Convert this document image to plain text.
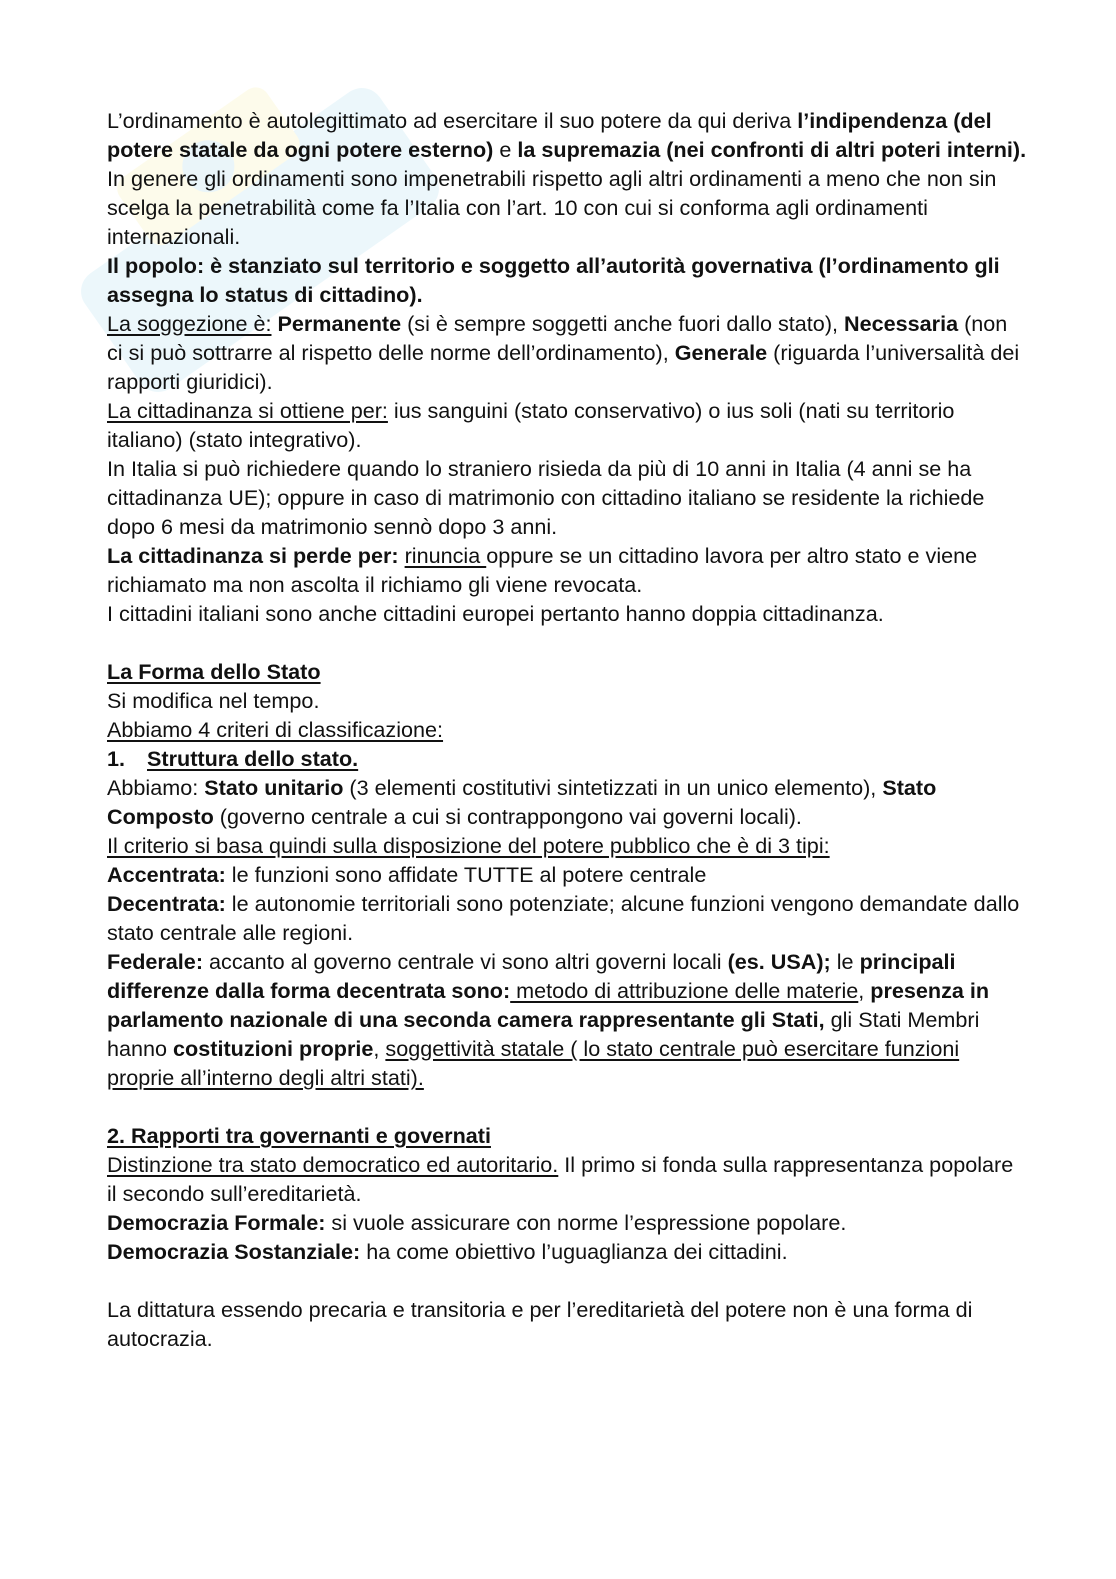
L’ordinamento è autolegittimato ad esercitare il suo potere da qui deriva l’indipendenza (del potere statale da ogni potere esterno) e la supremazia (nei confronti di altri poteri interni).

In genere gli ordinamenti sono impenetrabili rispetto agli altri ordinamenti a meno che non sin scelga la penetrabilità come fa l’Italia con l’art. 10 con cui si conforma agli ordinamenti internazionali.

Il popolo: è stanziato sul territorio e soggetto all’autorità governativa (l’ordinamento gli assegna lo status di cittadino).

La soggezione è: Permanente (si è sempre soggetti anche fuori dallo stato), Necessaria (non ci si può sottrarre al rispetto delle norme dell’ordinamento), Generale (riguarda l’universalità dei rapporti giuridici).

La cittadinanza si ottiene per: ius sanguini (stato conservativo) o ius soli (nati su territorio italiano) (stato integrativo).

In Italia si può richiedere quando lo straniero risieda da più di 10 anni in Italia (4 anni se ha cittadinanza UE); oppure in caso di matrimonio con cittadino italiano se residente la richiede dopo 6 mesi da matrimonio sennò dopo 3 anni.

La cittadinanza si perde per: rinuncia oppure se un cittadino lavora per altro stato e viene richiamato ma non ascolta il richiamo gli viene revocata.

I cittadini italiani sono anche cittadini europei pertanto hanno doppia cittadinanza.

La Forma dello Stato

Si modifica nel tempo.

Abbiamo 4 criteri di classificazione:

1. Struttura dello stato.

Abbiamo: Stato unitario (3 elementi costitutivi sintetizzati in un unico elemento), Stato Composto (governo centrale a cui si contrappongono vai governi locali).

Il criterio si basa quindi sulla disposizione del potere pubblico che è di 3 tipi:

Accentrata: le funzioni sono affidate TUTTE al potere centrale

Decentrata: le autonomie territoriali sono potenziate; alcune funzioni vengono demandate dallo stato centrale alle regioni.

Federale: accanto al governo centrale vi sono altri governi locali (es. USA); le principali differenze dalla forma decentrata sono: metodo di attribuzione delle materie, presenza in parlamento nazionale di una seconda camera rappresentante gli Stati, gli Stati Membri hanno costituzioni proprie, soggettività statale ( lo stato centrale può esercitare funzioni proprie all’interno degli altri stati).

2. Rapporti tra governanti e governati

Distinzione tra stato democratico ed autoritario. Il primo si fonda sulla rappresentanza popolare il secondo sull’ereditarietà.

Democrazia Formale: si vuole assicurare con norme l’espressione popolare.

Democrazia Sostanziale: ha come obiettivo l’uguaglianza dei cittadini.

La dittatura essendo precaria e transitoria e per l’ereditarietà del potere non è una forma di autocrazia.
